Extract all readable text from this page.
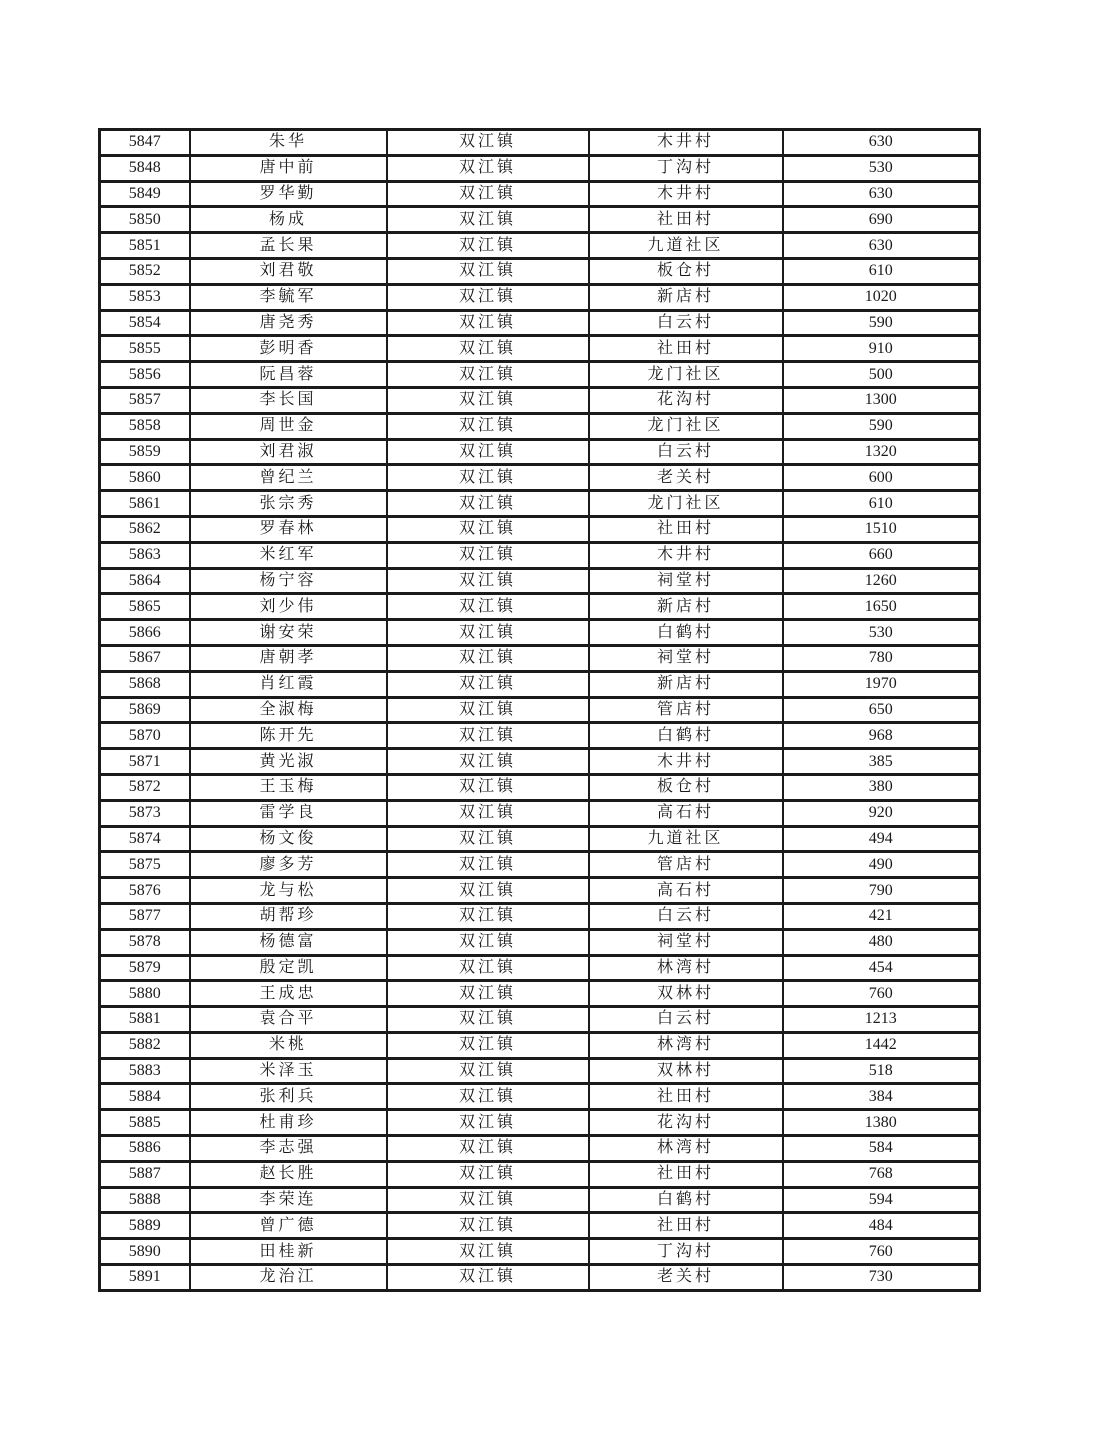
5847	朱华	双江镇	木井村	630
5848	唐中前	双江镇	丁沟村	530
5849	罗华勤	双江镇	木井村	630
5850	杨成	双江镇	社田村	690
5851	孟长果	双江镇	九道社区	630
5852	刘君敬	双江镇	板仓村	610
5853	李毓军	双江镇	新店村	1020
5854	唐尧秀	双江镇	白云村	590
5855	彭明香	双江镇	社田村	910
5856	阮昌蓉	双江镇	龙门社区	500
5857	李长国	双江镇	花沟村	1300
5858	周世金	双江镇	龙门社区	590
5859	刘君淑	双江镇	白云村	1320
5860	曾纪兰	双江镇	老关村	600
5861	张宗秀	双江镇	龙门社区	610
5862	罗春林	双江镇	社田村	1510
5863	米红军	双江镇	木井村	660
5864	杨宁容	双江镇	祠堂村	1260
5865	刘少伟	双江镇	新店村	1650
5866	谢安荣	双江镇	白鹤村	530
5867	唐朝孝	双江镇	祠堂村	780
5868	肖红霞	双江镇	新店村	1970
5869	全淑梅	双江镇	管店村	650
5870	陈开先	双江镇	白鹤村	968
5871	黄光淑	双江镇	木井村	385
5872	王玉梅	双江镇	板仓村	380
5873	雷学良	双江镇	高石村	920
5874	杨文俊	双江镇	九道社区	494
5875	廖多芳	双江镇	管店村	490
5876	龙与松	双江镇	高石村	790
5877	胡帮珍	双江镇	白云村	421
5878	杨德富	双江镇	祠堂村	480
5879	殷定凯	双江镇	林湾村	454
5880	王成忠	双江镇	双林村	760
5881	袁合平	双江镇	白云村	1213
5882	米桃	双江镇	林湾村	1442
5883	米泽玉	双江镇	双林村	518
5884	张利兵	双江镇	社田村	384
5885	杜甫珍	双江镇	花沟村	1380
5886	李志强	双江镇	林湾村	584
5887	赵长胜	双江镇	社田村	768
5888	李荣连	双江镇	白鹤村	594
5889	曾广德	双江镇	社田村	484
5890	田桂新	双江镇	丁沟村	760
5891	龙治江	双江镇	老关村	730
